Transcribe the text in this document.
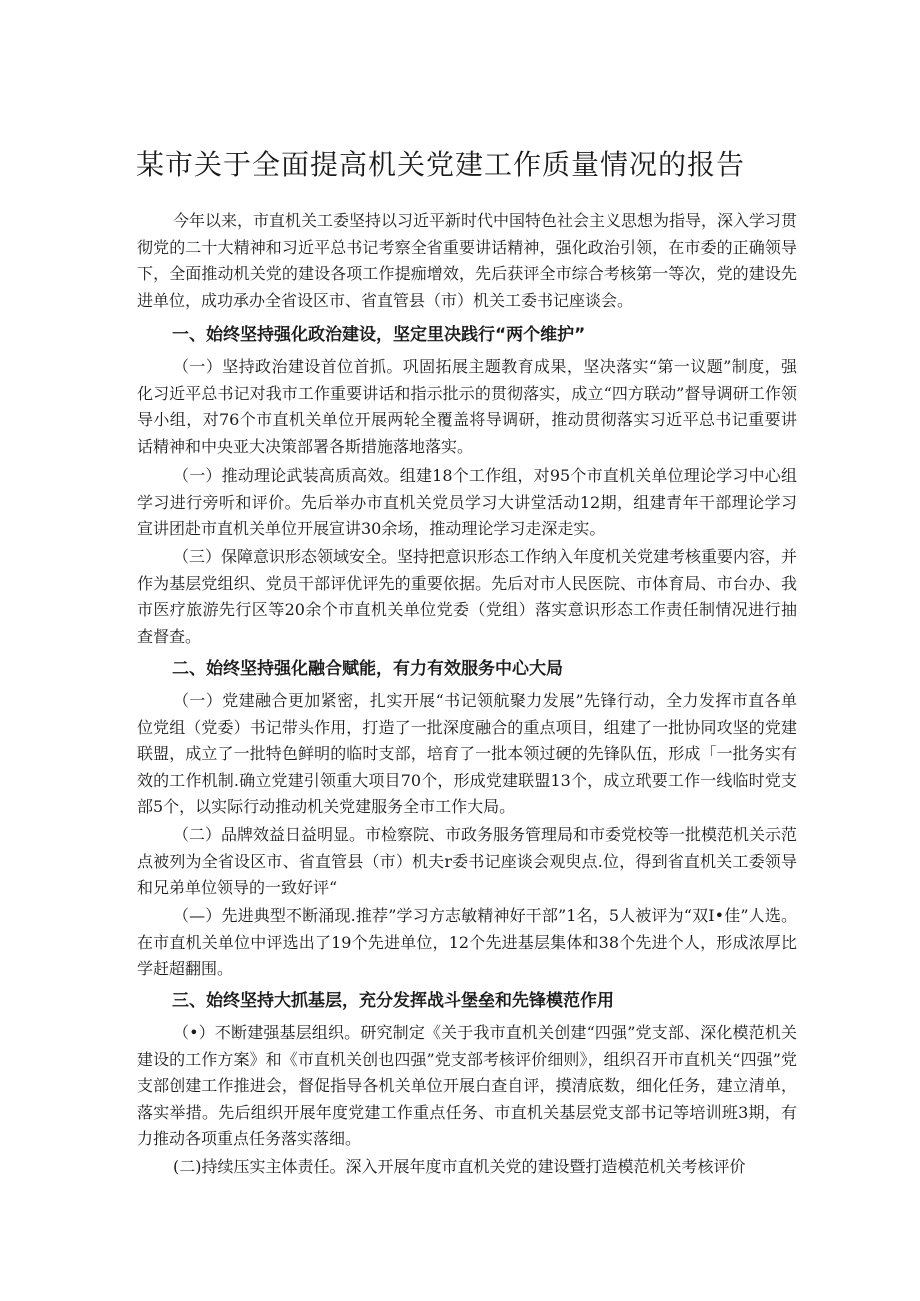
某市关于全面提高机关党建工作质量情况的报告

今年以来，市直机关工委坚持以习近平新时代中国特色社会主义思想为指导，深入学习贯彻党的二十大精神和习近平总书记考察全省重要讲话精神，强化政治引领，在市委的正确领导下，全面推动机关党的建设各项工作提痂增效，先后获评全市综合考核第一等次，党的建设先进单位，成功承办全省设区市、省直管县（市）机关工委书记座谈会。

一、始终坚持强化政治建设，坚定里决践行“两个维护”

（一）坚持政治建设首位首抓。巩固拓展主题教育成果，坚决落实“第一议题”制度，强化习近平总书记对我市工作重要讲话和指示批示的贯彻落实，成立“四方联动”督导调研工作领导小组，对76个市直机关单位开展两轮全覆盖将导调研，推动贯彻落实习近平总书记重要讲话精神和中央亚大决策部署各斯措施落地落实。

（一）推动理论武装高质高效。组建18个工作组，对95个市直机关单位理论学习中心组学习进行旁听和评价。先后举办市直机关党员学习大讲堂活动12期，组建青年干部理论学习宣讲团赴市直机关单位开展宣讲30余场，推动理论学习走深走实。

（三）保障意识形态领域安全。坚持把意识形态工作纳入年度机关党建考核重要内容，并作为基层党组织、党员干部评优评先的重要依据。先后对市人民医院、市体育局、市台办、我市医疗旅游先行区等20余个市直机关单位党委（党组）落实意识形态工作责任制情况进行抽查督查。

二、始终坚持强化融合赋能，有力有效服务中心大局

（一）党建融合更加紧密，扎实开展“书记领航聚力发展”先锋行动，全力发挥市直各单位党组（党委）书记带头作用，打造了一批深度融合的重点项目，组建了一批协同攻坚的党建联盟，成立了一批特色鲜明的临时支部，培育了一批本领过硬的先锋队伍，形成「一批务实有效的工作机制.确立党建引领重大项目70个，形成党建联盟13个，成立玳要工作一线临时党支部5个，以实际行动推动机关党建服务全市工作大局。

（二）品牌效益日益明显。市检察院、市政务服务管理局和市委党校等一批模范机关示范点被列为全省设区市、省直管县（市）机夫r委书记座谈会观臾点.位，得到省直机关工委领导和兄弟单位领导的一致好评“

（—）先进典型不断涌现.推荐”学习方志敏精神好干部”1名，5人被评为“双I•佳”人选。在市直机关单位中评选出了19个先进单位，12个先进基层集体和38个先进个人，形成浓厚比学赶超翻围。

三、始终坚持大抓基层，充分发挥战斗堡垒和先锋模范作用

（•）不断建强基层组织。研究制定《关于我市直机关创建“四强”党支部、深化模范机关建设的工作方案》和《市直机关创也四强”党支部考核评价细则》，组织召开市直机关“四强”党支部创建工作推进会，督促指导各机关单位开展白查自评，摸清底数，细化任务，建立清单，落实举措。先后组织开展年度党建工作重点任务、市直机关基层党支部书记等培训班3期，有力推动各项重点任务落实落细。

(二)持续压实主体责任。深入开展年度市直机关党的建设暨打造模范机关考核评价
